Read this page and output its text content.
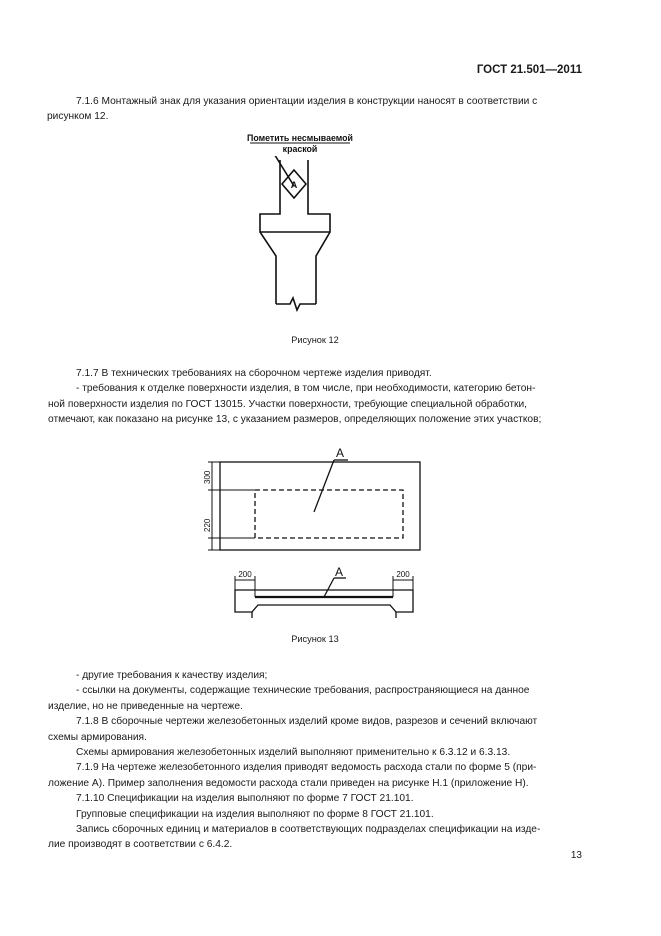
ГОСТ 21.501—2011
7.1.6 Монтажный знак для указания ориентации изделия в конструкции наносят в соответствии с
рисунком 12.
Пометить несмываемой
краской
А
Рисунок 12
7.1.7 В технических требованиях на сборочном чертеже изделия приводят.
- требования к отделке поверхности изделия, в том числе, при необходимости, категорию бетон-
ной поверхности изделия по ГОСТ 13015. Участки поверхности, требующие специальной обработки,
отмечают, как показано на рисунке 13, с указанием размеров, определяющих положение этих участков;
А
300
220
А
200	200
Рисунок 13
- другие требования к качеству изделия;
- ссылки на документы, содержащие технические требования, распространяющиеся на данное
изделие, но не приведенные на чертеже.
7.1.8 В сборочные чертежи железобетонных изделий кроме видов, разрезов и сечений включают
схемы армирования.
Схемы армирования железобетонных изделий выполняют применительно к 6.3.12 и 6.3.13.
7.1.9 На чертеже железобетонного изделия приводят ведомость расхода стали по форме 5 (при-
ложение А). Пример заполнения ведомости расхода стали приведен на рисунке Н.1 (приложение Н).
7.1.10 Спецификации на изделия выполняют по форме 7 ГОСТ 21.101.
Групповые спецификации на изделия выполняют по форме 8 ГОСТ 21.101.
Запись сборочных единиц и материалов в соответствующих подразделах спецификации на изде-
лие производят в соответствии с 6.4.2.
13
